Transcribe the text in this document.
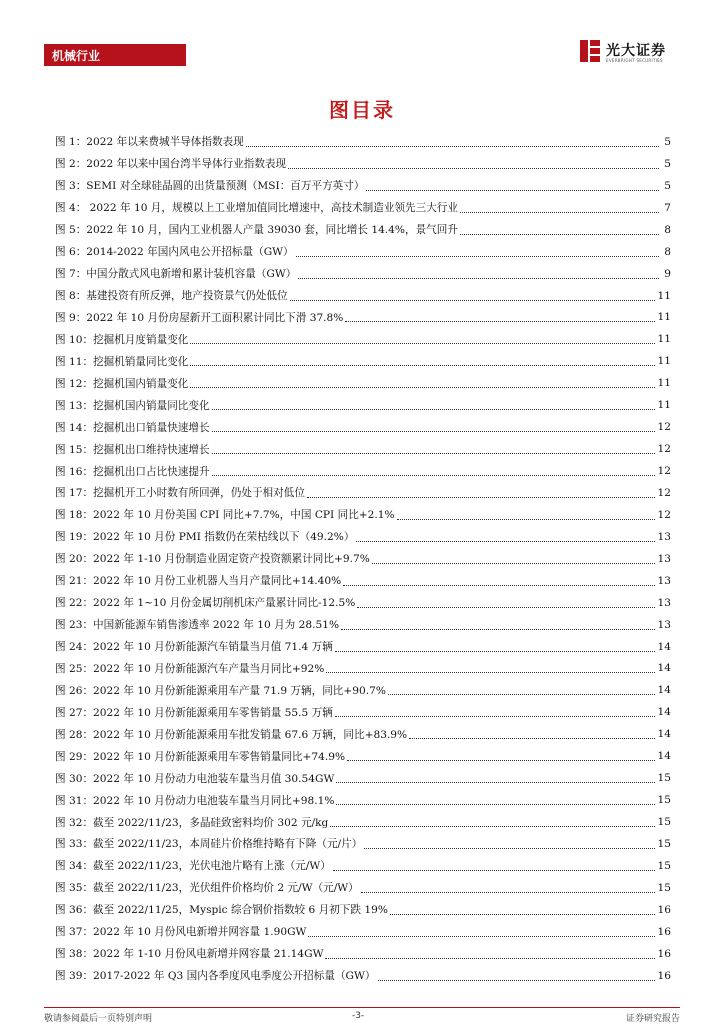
机械行业	光大证券
EVERBRIGHT SECURITIES
图目录
图 1：2022 年以来费城半导体指数表现	5
图 2：2022 年以来中国台湾半导体行业指数表现	5
图 3：SEMI 对全球硅晶圆的出货量预测（MSI：百万平方英寸）	5
图 4： 2022 年 10 月，规模以上工业增加值同比增速中，高技术制造业领先三大行业	7
图 5：2022 年 10 月，国内工业机器人产量 39030 套，同比增长 14.4%，景气回升	8
图 6：2014-2022 年国内风电公开招标量（GW）	8
图 7：中国分散式风电新增和累计装机容量（GW）	9
图 8：基建投资有所反弹，地产投资景气仍处低位	11
图 9：2022 年 10 月份房屋新开工面积累计同比下滑 37.8%	11
图 10：挖掘机月度销量变化	11
图 11：挖掘机销量同比变化	11
图 12：挖掘机国内销量变化	11
图 13：挖掘机国内销量同比变化	11
图 14：挖掘机出口销量快速增长	12
图 15：挖掘机出口维持快速增长	12
图 16：挖掘机出口占比快速提升	12
图 17：挖掘机开工小时数有所回弹，仍处于相对低位	12
图 18：2022 年 10 月份美国 CPI 同比+7.7%，中国 CPI 同比+2.1%	12
图 19：2022 年 10 月份 PMI 指数仍在荣枯线以下（49.2%）	13
图 20：2022 年 1-10 月份制造业固定资产投资额累计同比+9.7%	13
图 21：2022 年 10 月份工业机器人当月产量同比+14.40%	13
图 22：2022 年 1~10 月份金属切削机床产量累计同比-12.5%	13
图 23：中国新能源车销售渗透率 2022 年 10 月为 28.51%	13
图 24：2022 年 10 月份新能源汽车销量当月值 71.4 万辆	14
图 25：2022 年 10 月份新能源汽车产量当月同比+92%	14
图 26：2022 年 10 月份新能源乘用车产量 71.9 万辆，同比+90.7%	14
图 27：2022 年 10 月份新能源乘用车零售销量 55.5 万辆	14
图 28：2022 年 10 月份新能源乘用车批发销量 67.6 万辆，同比+83.9%	14
图 29：2022 年 10 月份新能源乘用车零售销量同比+74.9%	14
图 30：2022 年 10 月份动力电池装车量当月值 30.54GW	15
图 31：2022 年 10 月份动力电池装车量当月同比+98.1%	15
图 32：截至 2022/11/23，多晶硅致密料均价 302 元/kg	15
图 33：截至 2022/11/23，本周硅片价格维持略有下降（元/片）	15
图 34：截至 2022/11/23，光伏电池片略有上涨（元/W）	15
图 35：截至 2022/11/23，光伏组件价格均价 2 元/W（元/W）	15
图 36：截至 2022/11/25，Myspic 综合钢价指数较 6 月初下跌 19%	16
图 37：2022 年 10 月份风电新增并网容量 1.90GW	16
图 38：2022 年 1-10 月份风电新增并网容量 21.14GW	16
图 39：2017-2022 年 Q3 国内各季度风电季度公开招标量（GW）	16
敬请参阅最后一页特别声明	-3-	证券研究报告
